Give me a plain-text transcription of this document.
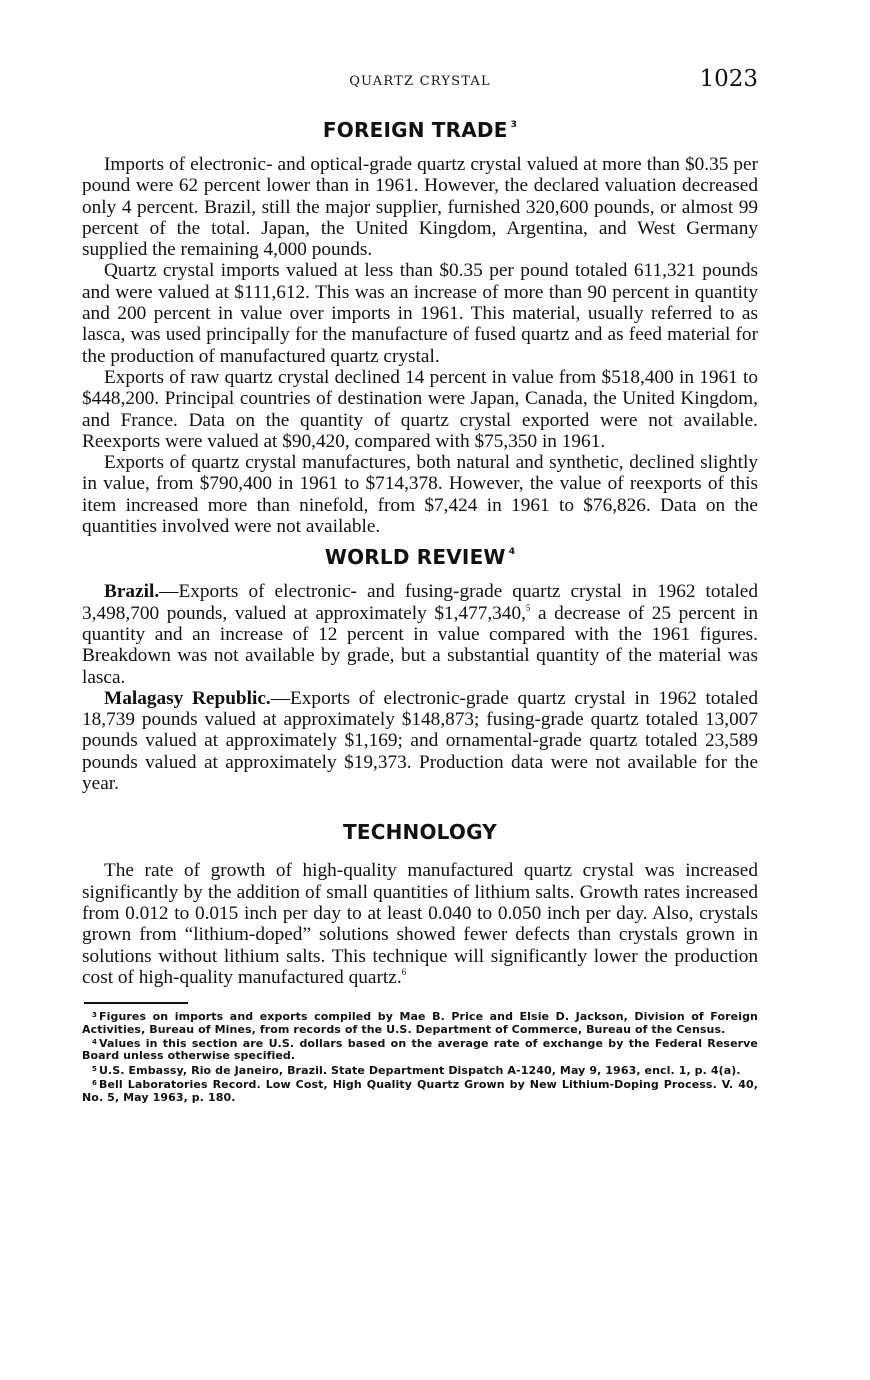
QUARTZ CRYSTAL	1023
FOREIGN TRADE $^3$

Imports of electronic- and optical-grade quartz crystal valued at more than $0.35 per pound were 62 percent lower than in 1961. However, the declared valuation decreased only 4 percent. Brazil, still the major supplier, furnished 320,600 pounds, or almost 99 percent of the total. Japan, the United Kingdom, Argentina, and West Germany supplied the remaining 4,000 pounds.

Quartz crystal imports valued at less than $0.35 per pound totaled 611,321 pounds and were valued at $111,612. This was an increase of more than 90 percent in quantity and 200 percent in value over imports in 1961. This material, usually referred to as lasca, was used principally for the manufacture of fused quartz and as feed material for the production of manufactured quartz crystal.

Exports of raw quartz crystal declined 14 percent in value from $518,400 in 1961 to $448,200. Principal countries of destination were Japan, Canada, the United Kingdom, and France. Data on the quantity of quartz crystal exported were not available. Reexports were valued at $90,420, compared with $75,350 in 1961.

Exports of quartz crystal manufactures, both natural and synthetic, declined slightly in value, from $790,400 in 1961 to $714,378. However, the value of reexports of this item increased more than ninefold, from $7,424 in 1961 to $76,826. Data on the quantities involved were not available.

WORLD REVIEW $^4$

Brazil.—Exports of electronic- and fusing-grade quartz crystal in 1962 totaled 3,498,700 pounds, valued at approximately $1,477,340,$^5$ a decrease of 25 percent in quantity and an increase of 12 percent in value compared with the 1961 figures. Breakdown was not available by grade, but a substantial quantity of the material was lasca.

Malagasy Republic.—Exports of electronic-grade quartz crystal in 1962 totaled 18,739 pounds valued at approximately $148,873; fusing-grade quartz totaled 13,007 pounds valued at approximately $1,169; and ornamental-grade quartz totaled 23,589 pounds valued at approximately $19,373. Production data were not available for the year.

TECHNOLOGY

The rate of growth of high-quality manufactured quartz crystal was increased significantly by the addition of small quantities of lithium salts. Growth rates increased from 0.012 to 0.015 inch per day to at least 0.040 to 0.050 inch per day. Also, crystals grown from “lithium-doped” solutions showed fewer defects than crystals grown in solutions without lithium salts. This technique will significantly lower the production cost of high-quality manufactured quartz.$^6$

$^3$ Figures on imports and exports compiled by Mae B. Price and Elsie D. Jackson, Division of Foreign Activities, Bureau of Mines, from records of the U.S. Department of Commerce, Bureau of the Census.

$^4$ Values in this section are U.S. dollars based on the average rate of exchange by the Federal Reserve Board unless otherwise specified.

$^5$ U.S. Embassy, Rio de Janeiro, Brazil. State Department Dispatch A-1240, May 9, 1963, encl. 1, p. 4(a).

$^6$ Bell Laboratories Record. Low Cost, High Quality Quartz Grown by New Lithium-Doping Process. V. 40, No. 5, May 1963, p. 180.
